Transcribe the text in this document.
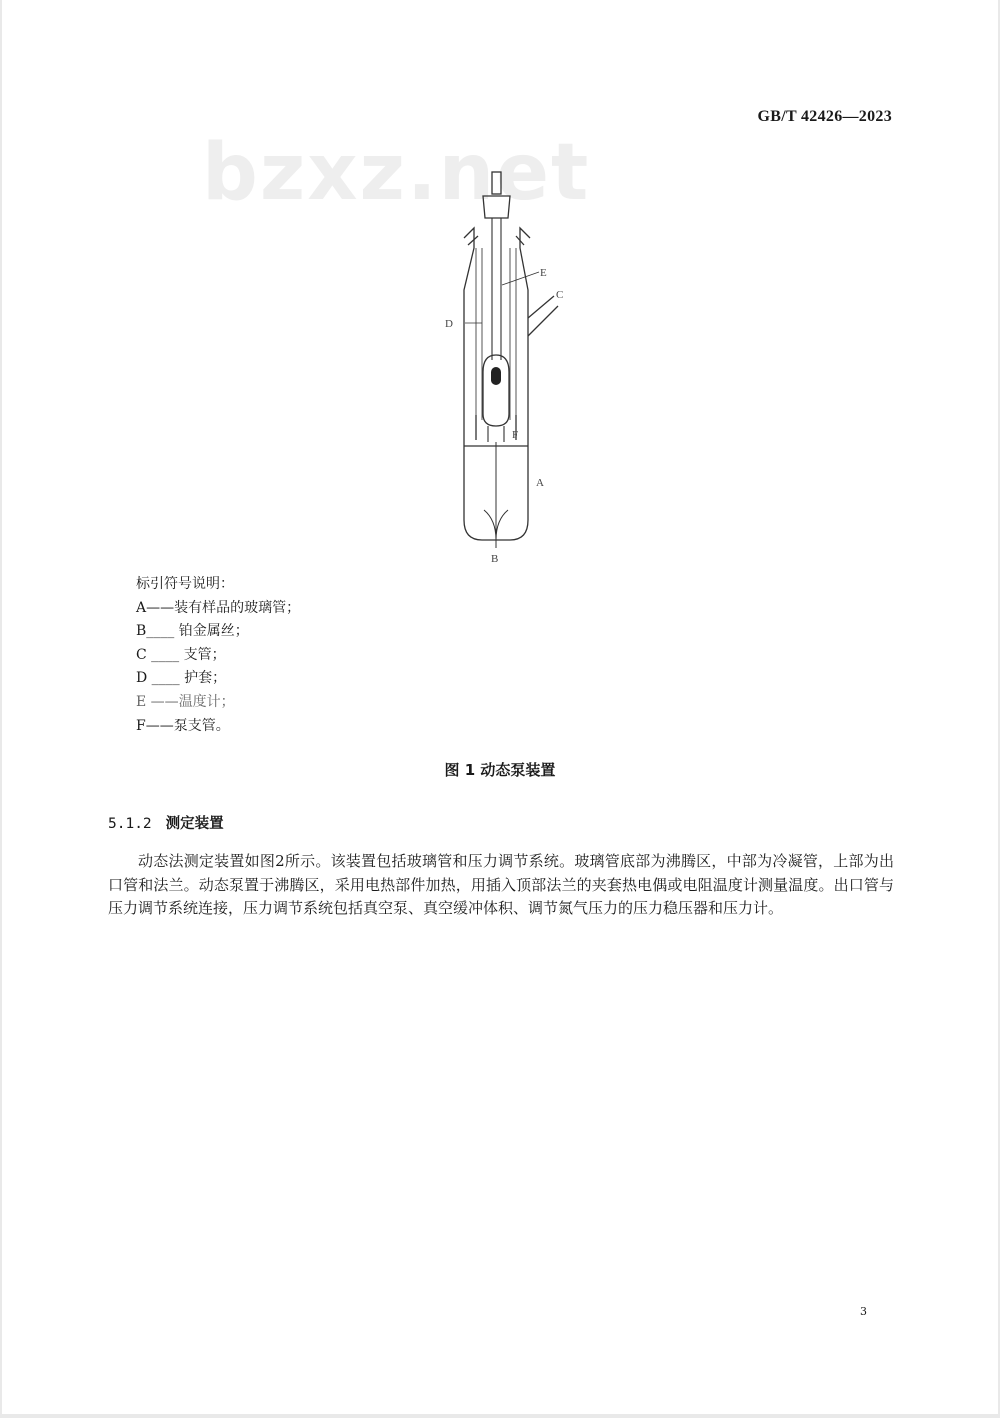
bzxz.net
GB/T 42426—2023
E
C
D
F
A
B
标引符号说明：
A——装有样品的玻璃管；
B____ 铂金属丝；
C ____ 支管；
D ____ 护套；
E ——温度计；
F——泵支管。
图 1 动态泵装置
5.1.2 测定装置
动态法测定装置如图2所示。该装置包括玻璃管和压力调节系统。玻璃管底部为沸腾区，中部为冷凝管，上部为出口管和法兰。动态泵置于沸腾区，采用电热部件加热，用插入顶部法兰的夹套热电偶或电阻温度计测量温度。出口管与压力调节系统连接，压力调节系统包括真空泵、真空缓冲体积、调节氮气压力的压力稳压器和压力计。
3
